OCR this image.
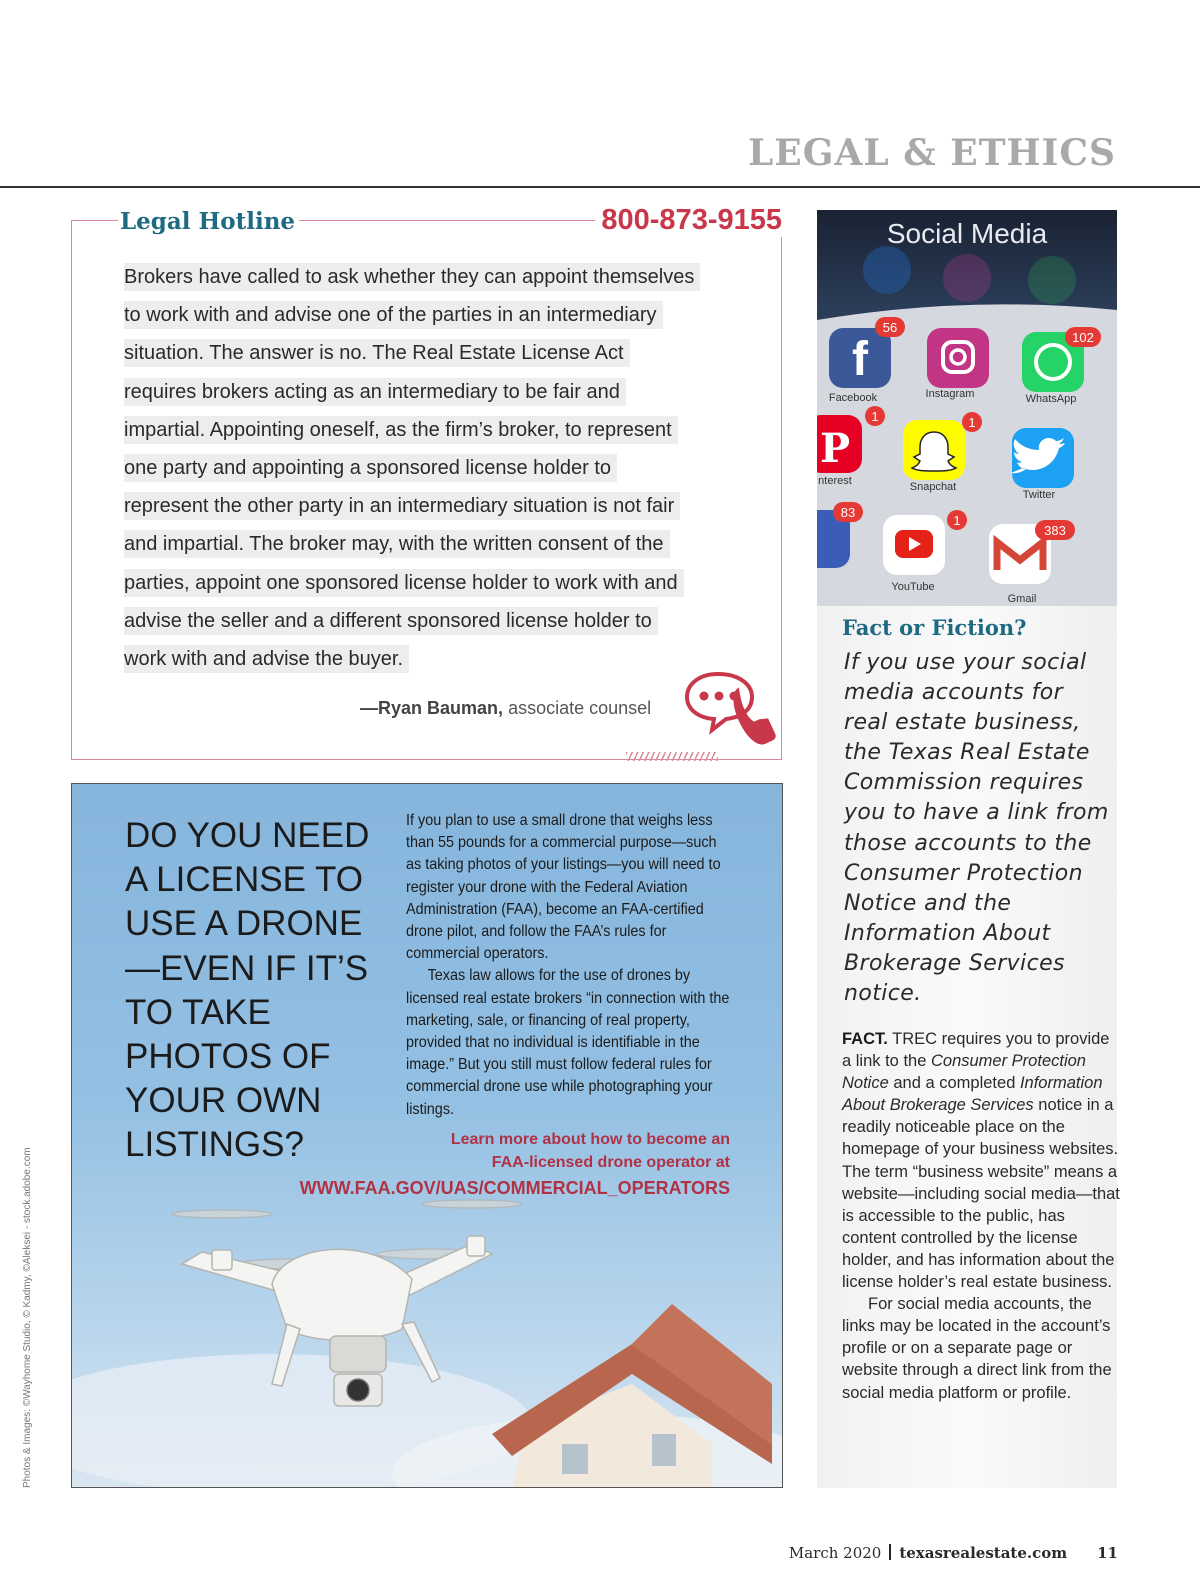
LEGAL & ETHICS
Legal Hotline	800-873-9155
Brokers have called to ask whether they can appoint themselves
to work with and advise one of the parties in an intermediary
situation. The answer is no. The Real Estate License Act
requires brokers acting as an intermediary to be fair and
impartial. Appointing oneself, as the firm’s broker, to represent
one party and appointing a sponsored license holder to
represent the other party in an intermediary situation is not fair
and impartial. The broker may, with the written consent of the
parties, appoint one sponsored license holder to work with and
advise the seller and a different sponsored license holder to
work with and advise the buyer.
—Ryan Bauman, associate counsel
DO YOU NEED A LICENSE TO USE A DRONE—EVEN IF IT’S TO TAKE PHOTOS OF YOUR OWN LISTINGS?

If you plan to use a small drone that weighs less than 55 pounds for a commercial purpose—such as taking photos of your listings—you will need to register your drone with the Federal Aviation Administration (FAA), become an FAA-certified drone pilot, and follow the FAA’s rules for commercial operators.

Texas law allows for the use of drones by licensed real estate brokers “in connection with the marketing, sale, or financing of real property, provided that no individual is identifiable in the image.” But you still must follow federal rules for commercial drone use while photographing your listings.

Learn more about how to become an FAA-licensed drone operator at
WWW.FAA.GOV/UAS/COMMERCIAL_OPERATORS
Photos & Images: ©Wayhome Studio, © Kadmy, ©Aleksei - stock.adobe.com
Social Media
f
P
56
102
1	1
83
1
383
Facebook	Instagram	WhatsApp
nterest	Snapchat
Twitter
YouTube
Gmail
Fact or Fiction?
If you use your social media accounts for real estate business, the Texas Real Estate Commission requires you to have a link from those accounts to the Consumer Protection Notice and the Information About Brokerage Services notice.

FACT. TREC requires you to provide a link to the Consumer Protection Notice and a completed Information About Brokerage Services notice in a readily noticeable place on the homepage of your business websites. The term “business website” means a website—including social media—that is accessible to the public, has content controlled by the license holder, and has information about the license holder’s real estate business.

For social media accounts, the links may be located in the account’s profile or on a separate page or website through a direct link from the social media platform or profile.

March 2020 texasrealestate.com 11
